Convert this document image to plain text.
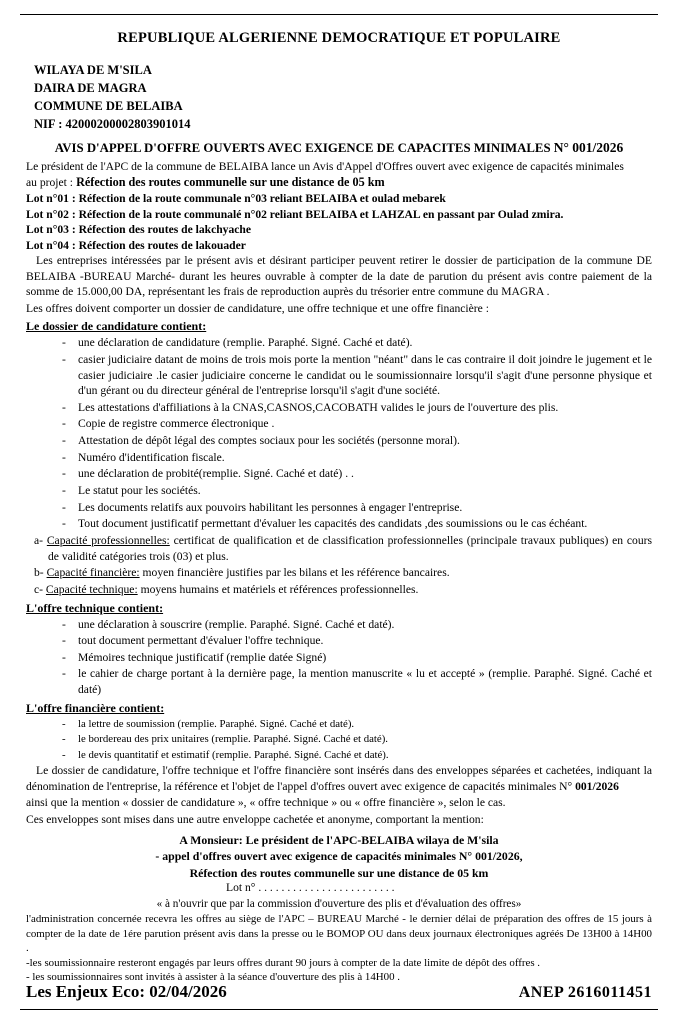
REPUBLIQUE ALGERIENNE DEMOCRATIQUE ET POPULAIRE
WILAYA DE M'SILA
DAIRA DE MAGRA
COMMUNE DE BELAIBA
NIF : 42000200002803901014
AVIS D'APPEL D'OFFRE OUVERTS AVEC EXIGENCE DE CAPACITES MINIMALES N° 001/2026
Le président de l'APC de la commune de BELAIBA lance un Avis d'Appel d'Offres ouvert avec exigence de capacités minimales
au projet : Réfection des routes communelle sur une distance de 05 km
Lot n°01 : Réfection de la route communale n°03 reliant BELAIBA et oulad mebarek
Lot n°02 : Réfection de la route communalé n°02 reliant BELAIBA et LAHZAL en passant par Oulad zmira.
Lot n°03 : Réfection des routes de lakchyache
Lot n°04 : Réfection des routes de lakouader
Les entreprises intéressées par le présent avis et désirant participer peuvent retirer le dossier de participation de la commune DE BELAIBA -BUREAU Marché- durant les heures ouvrable à compter de la date de parution du présent avis contre paiement de la somme de 15.000,00 DA, représentant les frais de reproduction auprès du trésorier entre commune du MAGRA .
Les offres doivent comporter un dossier de candidature, une offre technique et une offre financière :
Le dossier de candidature contient:
- une déclaration de candidature (remplie. Paraphé. Signé. Caché et daté).
- casier judiciaire datant de moins de trois mois porte la mention "néant" dans le cas contraire il doit joindre le jugement et le casier judiciaire .le casier judiciaire concerne le candidat ou le soumissionnaire lorsqu'il s'agit d'une personne physique et d'un gérant ou du directeur général de l'entreprise lorsqu'il s'agit d'une société.
- Les attestations d'affiliations à la CNAS,CASNOS,CACOBATH valides le jours de l'ouverture des plis.
- Copie de registre commerce électronique .
- Attestation de dépôt légal des comptes sociaux pour les sociétés (personne moral).
- Numéro d'identification fiscale.
- une déclaration de probité(remplie. Signé. Caché et daté) . .
- Le statut pour les sociétés.
- Les documents relatifs aux pouvoirs habilitant les personnes à engager l'entreprise.
- Tout document justificatif permettant d'évaluer les capacités des candidats ,des soumissions ou le cas échéant.
a- Capacité professionnelles: certificat de qualification et de classification professionnelles (principale travaux publiques) en cours de validité catégories trois (03) et plus.
b- Capacité financière: moyen financière justifies par les bilans et les référence bancaires.
c- Capacité technique: moyens humains et matériels et références professionnelles.
L'offre technique contient:
- une déclaration à souscrire (remplie. Paraphé. Signé. Caché et daté).
- tout document permettant d'évaluer l'offre technique.
- Mémoires technique justificatif (remplie datée Signé)
- le cahier de charge portant à la dernière page, la mention manuscrite « lu et accepté » (remplie. Paraphé. Signé. Caché et daté)
L'offre financière contient:
- la lettre de soumission (remplie. Paraphé. Signé. Caché et daté).
- le bordereau des prix unitaires (remplie. Paraphé. Signé. Caché et daté).
- le devis quantitatif et estimatif (remplie. Paraphé. Signé. Caché et daté).
Le dossier de candidature, l'offre technique et l'offre financière sont insérés dans des enveloppes séparées et cachetées, indiquant la dénomination de l'entreprise, la référence et l'objet de l'appel d'offres ouvert avec exigence de capacités minimales N° 001/2026
ainsi que la mention « dossier de candidature », « offre technique » ou « offre financière », selon le cas.
Ces enveloppes sont mises dans une autre enveloppe cachetée et anonyme, comportant la mention:
A Monsieur: Le président de l'APC-BELAIBA wilaya de M'sila
- appel d'offres ouvert avec exigence de capacités minimales N° 001/2026,
Réfection des routes communelle sur une distance de 05 km
Lot n° . . . . . . . . . . . . . . . . . . . . . . . .
« à n'ouvrir que par la commission d'ouverture des plis et d'évaluation des offres»
l'administration concernée recevra les offres au siège de l'APC – BUREAU Marché - le dernier délai de préparation des offres de 15 jours à compter de la date de 1ére parution présent avis dans la presse ou le BOMOP OU dans deux journaux électroniques agréés De 13H00 à 14H00 .
-les soumissionnaire resteront engagés par leurs offres durant 90 jours à compter de la date limite de dépôt des offres .
- les soumissionnaires sont invités à assister à la séance d'ouverture des plis à 14H00 .
Les Enjeux Eco: 02/04/2026	ANEP 2616011451
